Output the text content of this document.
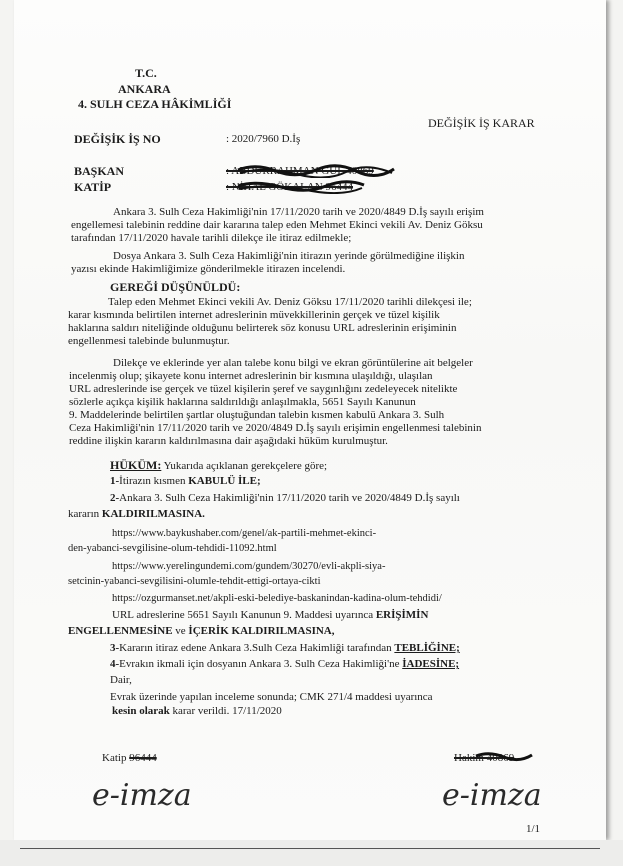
T.C.
ANKARA
4. SULH CEZA HÂKİMLİĞİ
DEĞİŞİK İŞ KARAR
DEĞİŞİK İŞ NO	: 2020/7960 D.İş
BAŞKAN	: ABDURRAHMAN GÜL 40869
KATİP	: NİHAL GÖKALAN 96444
Ankara 3. Sulh Ceza Hakimliği'nin 17/11/2020 tarih ve 2020/4849 D.İş sayılı erişim
engellemesi talebinin reddine dair kararına talep eden Mehmet Ekinci vekili Av. Deniz Göksu
tarafından 17/11/2020 havale tarihli dilekçe ile itiraz edilmekle;
Dosya Ankara 3. Sulh Ceza Hakimliği'nin itirazın yerinde görülmediğine ilişkin
yazısı ekinde Hakimliğimize gönderilmekle itirazen incelendi.
GEREĞİ DÜŞÜNÜLDÜ:
Talep eden Mehmet Ekinci vekili Av. Deniz Göksu 17/11/2020 tarihli dilekçesi ile;
karar kısmında belirtilen internet adreslerinin müvekkillerinin gerçek ve tüzel kişilik
haklarına saldırı niteliğinde olduğunu belirterek söz konusu URL adreslerinin erişiminin
engellenmesi talebinde bulunmuştur.
Dilekçe ve eklerinde yer alan talebe konu bilgi ve ekran görüntülerine ait belgeler
incelenmiş olup; şikayete konu internet adreslerinin bir kısmına ulaşıldığı, ulaşılan
URL adreslerinde ise gerçek ve tüzel kişilerin şeref ve saygınlığını zedeleyecek nitelikte
sözlerle açıkça kişilik haklarına saldırıldığı anlaşılmakla, 5651 Sayılı Kanunun
9. Maddelerinde belirtilen şartlar oluştuğundan talebin kısmen kabulü Ankara 3. Sulh
Ceza Hakimliği'nin 17/11/2020 tarih ve 2020/4849 D.İş sayılı erişimin engellenmesi talebinin
reddine ilişkin kararın kaldırılmasına dair aşağıdaki hüküm kurulmuştur.
HÜKÜM: Yukarıda açıklanan gerekçelere göre;
1-İtirazın kısmen KABULÜ İLE;
2-Ankara 3. Sulh Ceza Hakimliği'nin 17/11/2020 tarih ve 2020/4849 D.İş sayılı
kararın KALDIRILMASINA.
https://www.baykushaber.com/genel/ak-partili-mehmet-ekinci-
den-yabanci-sevgilisine-olum-tehdidi-11092.html
https://www.yerelingundemi.com/gundem/30270/evli-akpli-siya-
setcinin-yabanci-sevgilisini-olumle-tehdit-ettigi-ortaya-cikti
https://ozgurmanset.net/akpli-eski-belediye-baskanindan-kadina-olum-tehdidi/
URL adreslerine 5651 Sayılı Kanunun 9. Maddesi uyarınca ERİŞİMİN
ENGELLENMESİNE ve İÇERİK KALDIRILMASINA,
3-Kararın itiraz edene Ankara 3.Sulh Ceza Hakimliği tarafından TEBLİĞİNE;
4-Evrakın ikmali için dosyanın Ankara 3. Sulh Ceza Hakimliği'ne İADESİNE;
Dair,
Evrak üzerinde yapılan inceleme sonunda; CMK 271/4 maddesi uyarınca
kesin olarak karar verildi. 17/11/2020
Katip 96444	Hakim 40869
e-imza	e-imza
1/1
